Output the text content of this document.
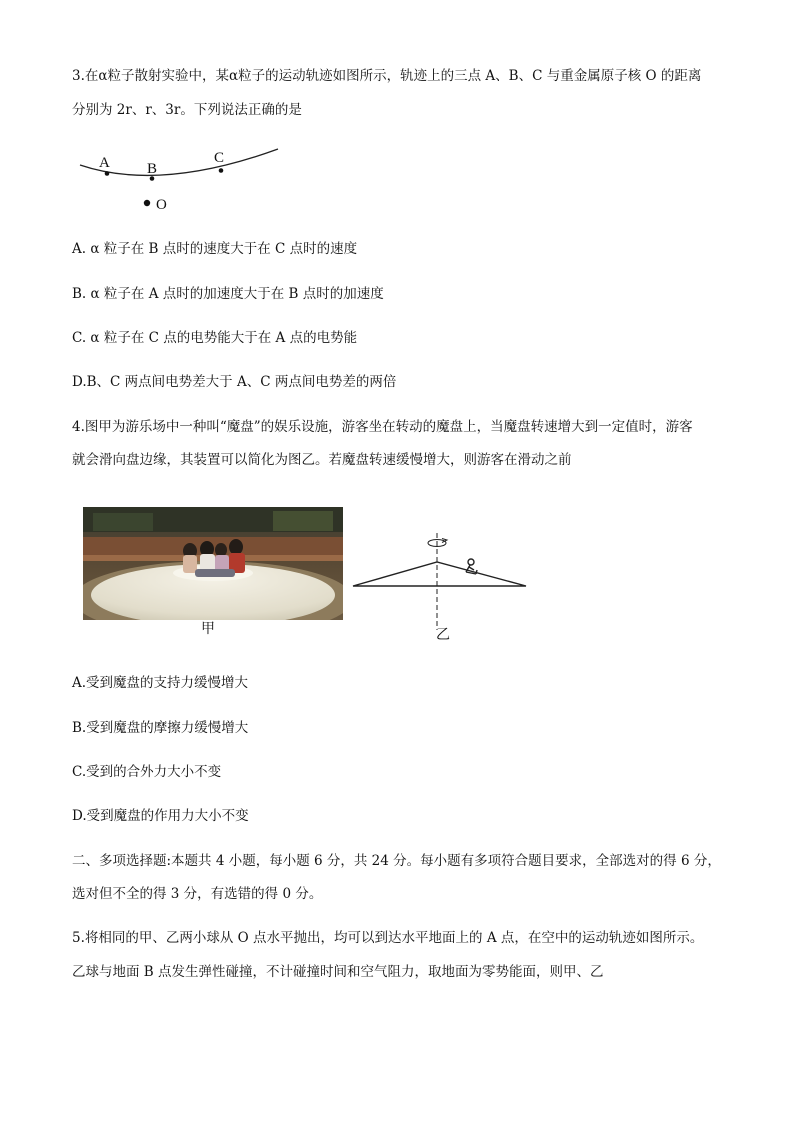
3.在α粒子散射实验中，某α粒子的运动轨迹如图所示，轨迹上的三点 A、B、C 与重金属原子核 O 的距离
分别为 2r、r、3r。下列说法正确的是
A B
C
O
A. α 粒子在 B 点时的速度大于在 C 点时的速度
B. α 粒子在 A 点时的加速度大于在 B 点时的加速度
C. α 粒子在 C 点的电势能大于在 A 点的电势能
D.B、C 两点间电势差大于 A、C 两点间电势差的两倍
4.图甲为游乐场中一种叫“魔盘”的娱乐设施，游客坐在转动的魔盘上，当魔盘转速增大到一定值时，游客
就会滑向盘边缘，其装置可以简化为图乙。若魔盘转速缓慢增大，则游客在滑动之前
甲	乙
A.受到魔盘的支持力缓慢增大
B.受到魔盘的摩擦力缓慢增大
C.受到的合外力大小不变
D.受到魔盘的作用力大小不变
二、多项选择题:本题共 4 小题，每小题 6 分，共 24 分。每小题有多项符合题目要求，全部选对的得 6 分，
选对但不全的得 3 分，有选错的得 0 分。
5.将相同的甲、乙两小球从 O 点水平抛出，均可以到达水平地面上的 A 点，在空中的运动轨迹如图所示。
乙球与地面 B 点发生弹性碰撞，不计碰撞时间和空气阻力，取地面为零势能面，则甲、乙
